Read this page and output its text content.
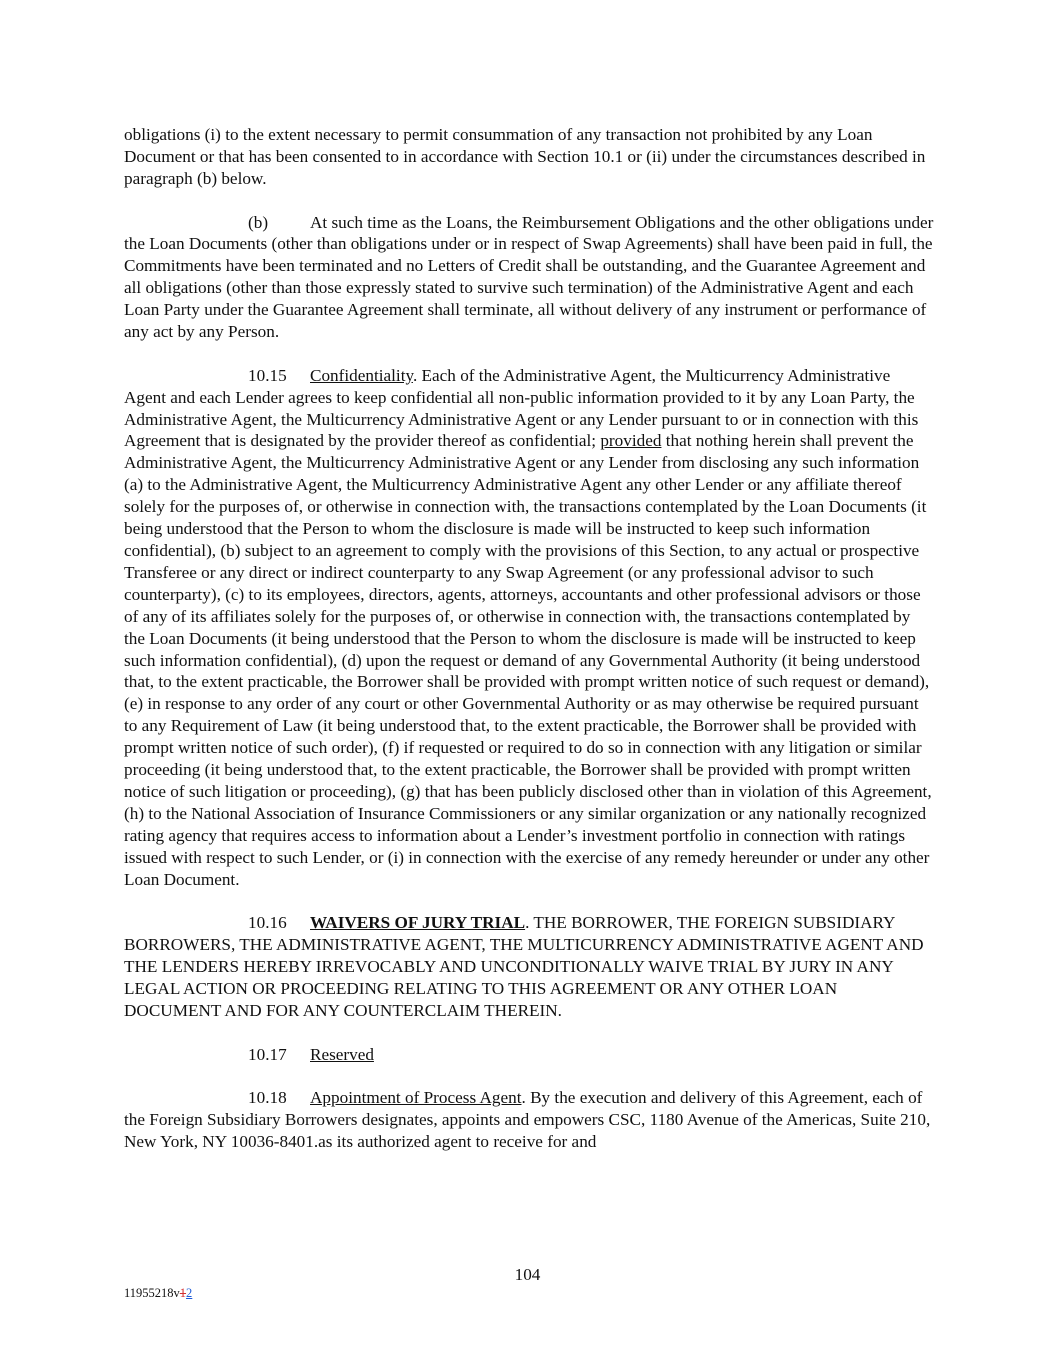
obligations (i) to the extent necessary to permit consummation of any transaction not prohibited by any Loan Document or that has been consented to in accordance with Section 10.1 or (ii) under the circumstances described in paragraph (b) below.

(b) At such time as the Loans, the Reimbursement Obligations and the other obligations under the Loan Documents (other than obligations under or in respect of Swap Agreements) shall have been paid in full, the Commitments have been terminated and no Letters of Credit shall be outstanding, and the Guarantee Agreement and all obligations (other than those expressly stated to survive such termination) of the Administrative Agent and each Loan Party under the Guarantee Agreement shall terminate, all without delivery of any instrument or performance of any act by any Person.

10.15 Confidentiality. Each of the Administrative Agent, the Multicurrency Administrative Agent and each Lender agrees to keep confidential all non-public information provided to it by any Loan Party, the Administrative Agent, the Multicurrency Administrative Agent or any Lender pursuant to or in connection with this Agreement that is designated by the provider thereof as confidential; provided that nothing herein shall prevent the Administrative Agent, the Multicurrency Administrative Agent or any Lender from disclosing any such information (a) to the Administrative Agent, the Multicurrency Administrative Agent any other Lender or any affiliate thereof solely for the purposes of, or otherwise in connection with, the transactions contemplated by the Loan Documents (it being understood that the Person to whom the disclosure is made will be instructed to keep such information confidential), (b) subject to an agreement to comply with the provisions of this Section, to any actual or prospective Transferee or any direct or indirect counterparty to any Swap Agreement (or any professional advisor to such counterparty), (c) to its employees, directors, agents, attorneys, accountants and other professional advisors or those of any of its affiliates solely for the purposes of, or otherwise in connection with, the transactions contemplated by the Loan Documents (it being understood that the Person to whom the disclosure is made will be instructed to keep such information confidential), (d) upon the request or demand of any Governmental Authority (it being understood that, to the extent practicable, the Borrower shall be provided with prompt written notice of such request or demand), (e) in response to any order of any court or other Governmental Authority or as may otherwise be required pursuant to any Requirement of Law (it being understood that, to the extent practicable, the Borrower shall be provided with prompt written notice of such order), (f) if requested or required to do so in connection with any litigation or similar proceeding (it being understood that, to the extent practicable, the Borrower shall be provided with prompt written notice of such litigation or proceeding), (g) that has been publicly disclosed other than in violation of this Agreement, (h) to the National Association of Insurance Commissioners or any similar organization or any nationally recognized rating agency that requires access to information about a Lender’s investment portfolio in connection with ratings issued with respect to such Lender, or (i) in connection with the exercise of any remedy hereunder or under any other Loan Document.

10.16 WAIVERS OF JURY TRIAL. THE BORROWER, THE FOREIGN SUBSIDIARY BORROWERS, THE ADMINISTRATIVE AGENT, THE MULTICURRENCY ADMINISTRATIVE AGENT AND THE LENDERS HEREBY IRREVOCABLY AND UNCONDITIONALLY WAIVE TRIAL BY JURY IN ANY LEGAL ACTION OR PROCEEDING RELATING TO THIS AGREEMENT OR ANY OTHER LOAN DOCUMENT AND FOR ANY COUNTERCLAIM THEREIN.

10.17 Reserved

10.18 Appointment of Process Agent. By the execution and delivery of this Agreement, each of the Foreign Subsidiary Borrowers designates, appoints and empowers CSC, 1180 Avenue of the Americas, Suite 210, New York, NY 10036-8401.as its authorized agent to receive for and

104
11955218v12
